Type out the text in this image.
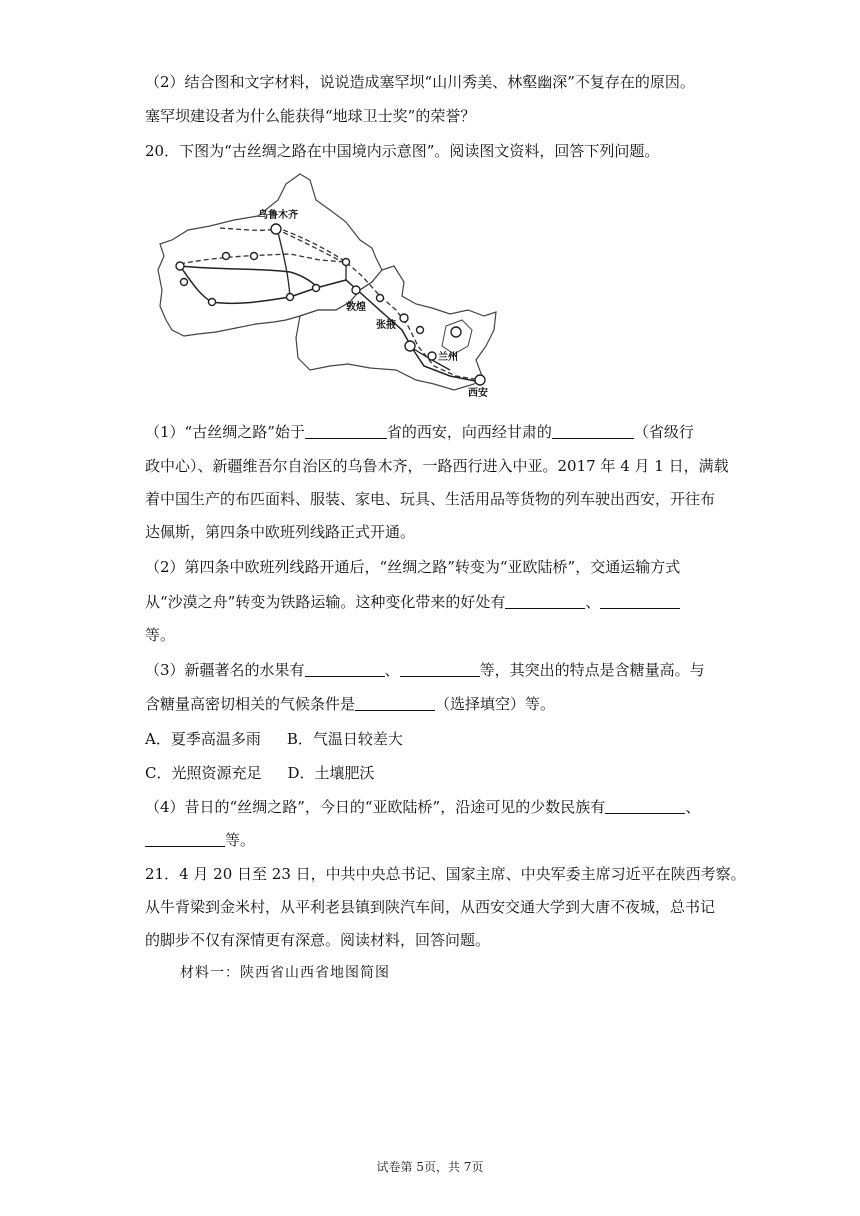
（2）结合图和文字材料，说说造成塞罕坝“山川秀美、林壑幽深”不复存在的原因。
塞罕坝建设者为什么能获得“地球卫士奖”的荣誉？
20．下图为“古丝绸之路在中国境内示意图”。阅读图文资料，回答下列问题。
乌鲁木齐
敦煌
张掖
兰州
西安
（1）“古丝绸之路”始于	省的西安，向西经甘肃的	（省级行
政中心）、新疆维吾尔自治区的乌鲁木齐，一路西行进入中亚。2017 年 4 月 1 日，满载
着中国生产的布匹面料、服装、家电、玩具、生活用品等货物的列车驶出西安，开往布
达佩斯，第四条中欧班列线路正式开通。
（2）第四条中欧班列线路开通后，“丝绸之路”转变为“亚欧陆桥”，交通运输方式
从“沙漠之舟”转变为铁路运输。这种变化带来的好处有	、
等。
（3）新疆著名的水果有	、	等，其突出的特点是含糖量高。与
含糖量高密切相关的气候条件是	（选择填空）等。
A．夏季高温多雨 B．气温日较差大
C．光照资源充足 D．土壤肥沃
（4）昔日的“丝绸之路”，今日的“亚欧陆桥”，沿途可见的少数民族有	、
等。
21．4 月 20 日至 23 日，中共中央总书记、国家主席、中央军委主席习近平在陕西考察。
从牛背梁到金米村，从平利老县镇到陕汽车间，从西安交通大学到大唐不夜城，总书记
的脚步不仅有深情更有深意。阅读材料，回答问题。
材料一：陕西省山西省地图简图
试卷第 5页，共 7页
